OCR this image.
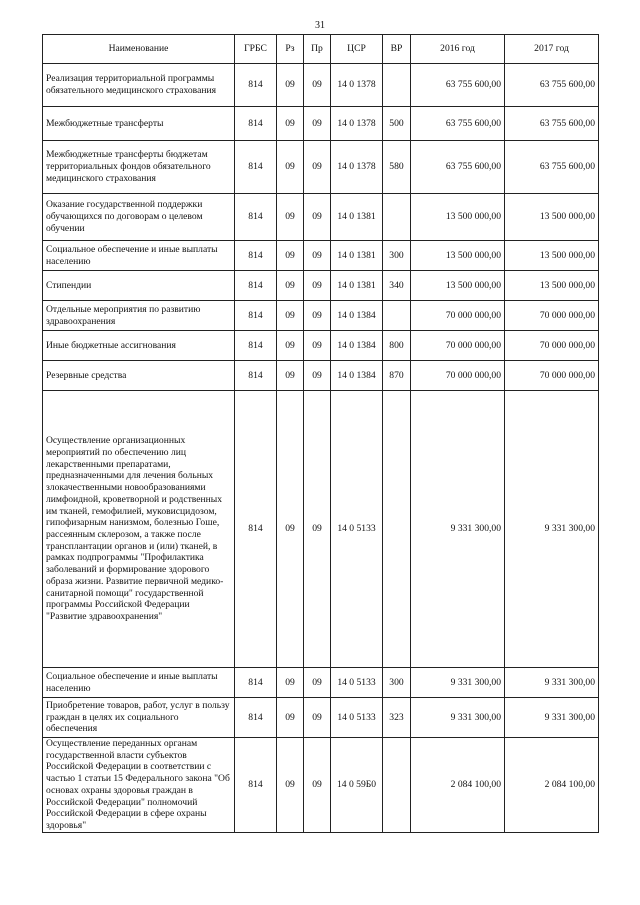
31
Наименование	ГРБС	Рз	Пр	ЦСР	ВР	2016 год	2017 год
Реализация территориальной программы обязательного медицинского страхования	814	09	09	14 0 1378		63 755 600,00	63 755 600,00
Межбюджетные трансферты	814	09	09	14 0 1378	500	63 755 600,00	63 755 600,00
Межбюджетные трансферты бюджетам территориальных фондов обязательного медицинского страхования	814	09	09	14 0 1378	580	63 755 600,00	63 755 600,00
Оказание государственной поддержки обучающихся по договорам о целевом обучении	814	09	09	14 0 1381		13 500 000,00	13 500 000,00
Социальное обеспечение и иные выплаты населению	814	09	09	14 0 1381	300	13 500 000,00	13 500 000,00
Стипендии	814	09	09	14 0 1381	340	13 500 000,00	13 500 000,00
Отдельные мероприятия по развитию здравоохранения	814	09	09	14 0 1384		70 000 000,00	70 000 000,00
Иные бюджетные ассигнования	814	09	09	14 0 1384	800	70 000 000,00	70 000 000,00
Резервные средства	814	09	09	14 0 1384	870	70 000 000,00	70 000 000,00
Осуществление организационных мероприятий по обеспечению лиц лекарственными препаратами, предназначенными для лечения больных злокачественными новообразованиями лимфоидной, кроветворной и родственных им тканей, гемофилией, муковисцидозом, гипофизарным нанизмом, болезнью Гоше, рассеянным склерозом, а также после трансплантации органов и (или) тканей, в рамках подпрограммы "Профилактика заболеваний и формирование здорового образа жизни. Развитие первичной медико-санитарной помощи" государственной программы Российской Федерации "Развитие здравоохранения"	814	09	09	14 0 5133		9 331 300,00	9 331 300,00
Социальное обеспечение и иные выплаты населению	814	09	09	14 0 5133	300	9 331 300,00	9 331 300,00
Приобретение товаров, работ, услуг в пользу граждан в целях их социального обеспечения	814	09	09	14 0 5133	323	9 331 300,00	9 331 300,00
Осуществление переданных органам государственной власти субъектов Российской Федерации в соответствии с частью 1 статьи 15 Федерального закона "Об основах охраны здоровья граждан в Российской Федерации" полномочий Российской Федерации в сфере охраны здоровья"	814	09	09	14 0 59Б0		2 084 100,00	2 084 100,00
